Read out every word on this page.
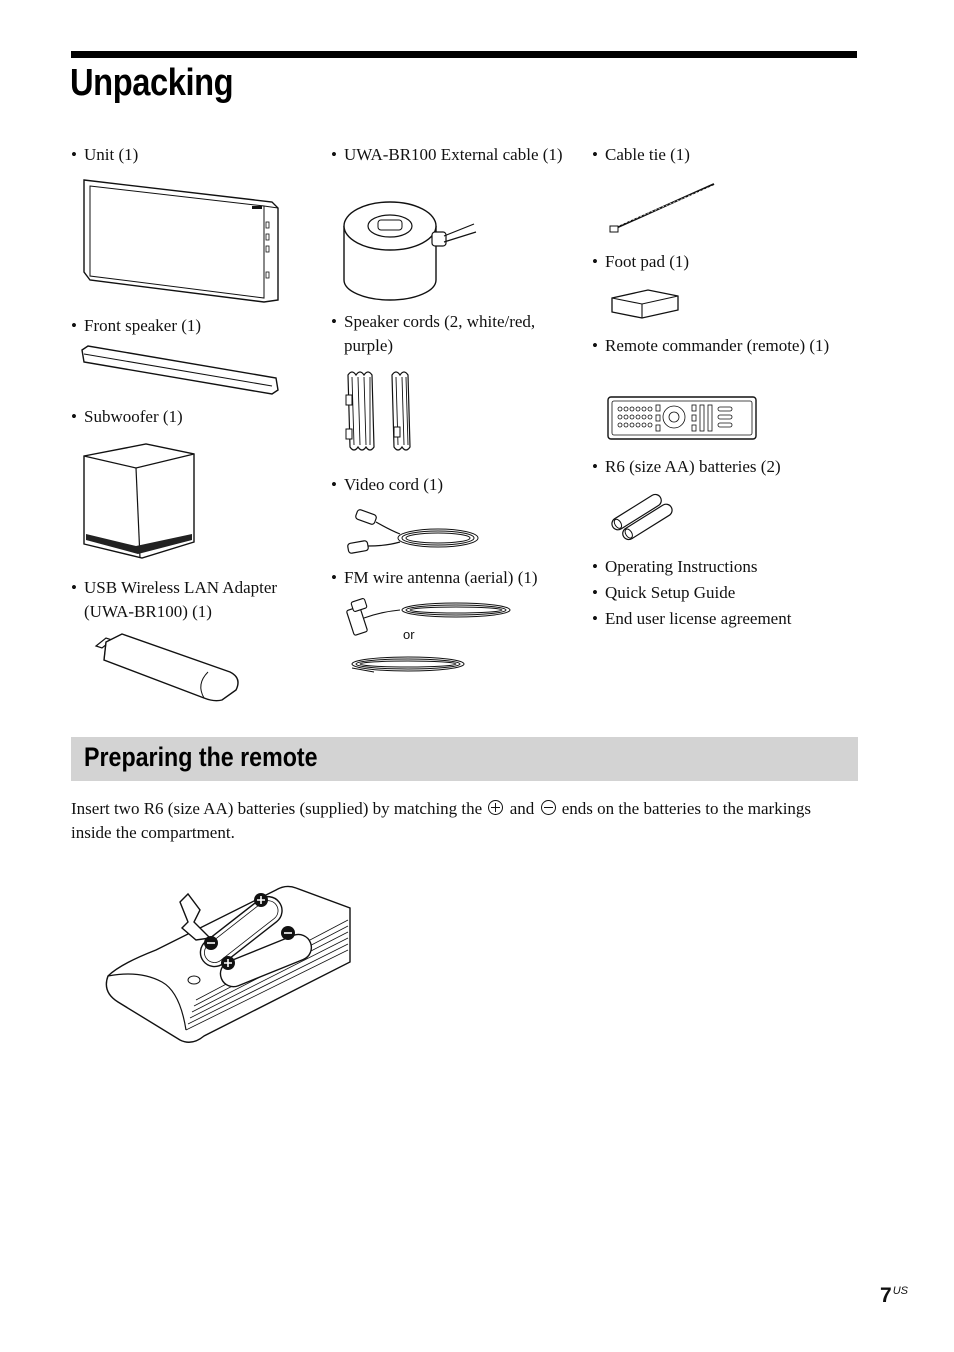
Unpacking
• Unit (1)
• Front speaker (1)
• Subwoofer (1)
• USB Wireless LAN Adapter (UWA-BR100) (1)
• UWA-BR100 External cable (1)
• Speaker cords (2, white/red, purple)
• Video cord (1)
• FM wire antenna (aerial) (1)
or
• Cable tie (1)
• Foot pad (1)
• Remote commander (remote) (1)
• R6 (size AA) batteries (2)
• Operating Instructions
• Quick Setup Guide
• End user license agreement
Preparing the remote

Insert two R6 (size AA) batteries (supplied) by matching the and ends on the batteries to the markings inside the compartment.

$7^{US}$
